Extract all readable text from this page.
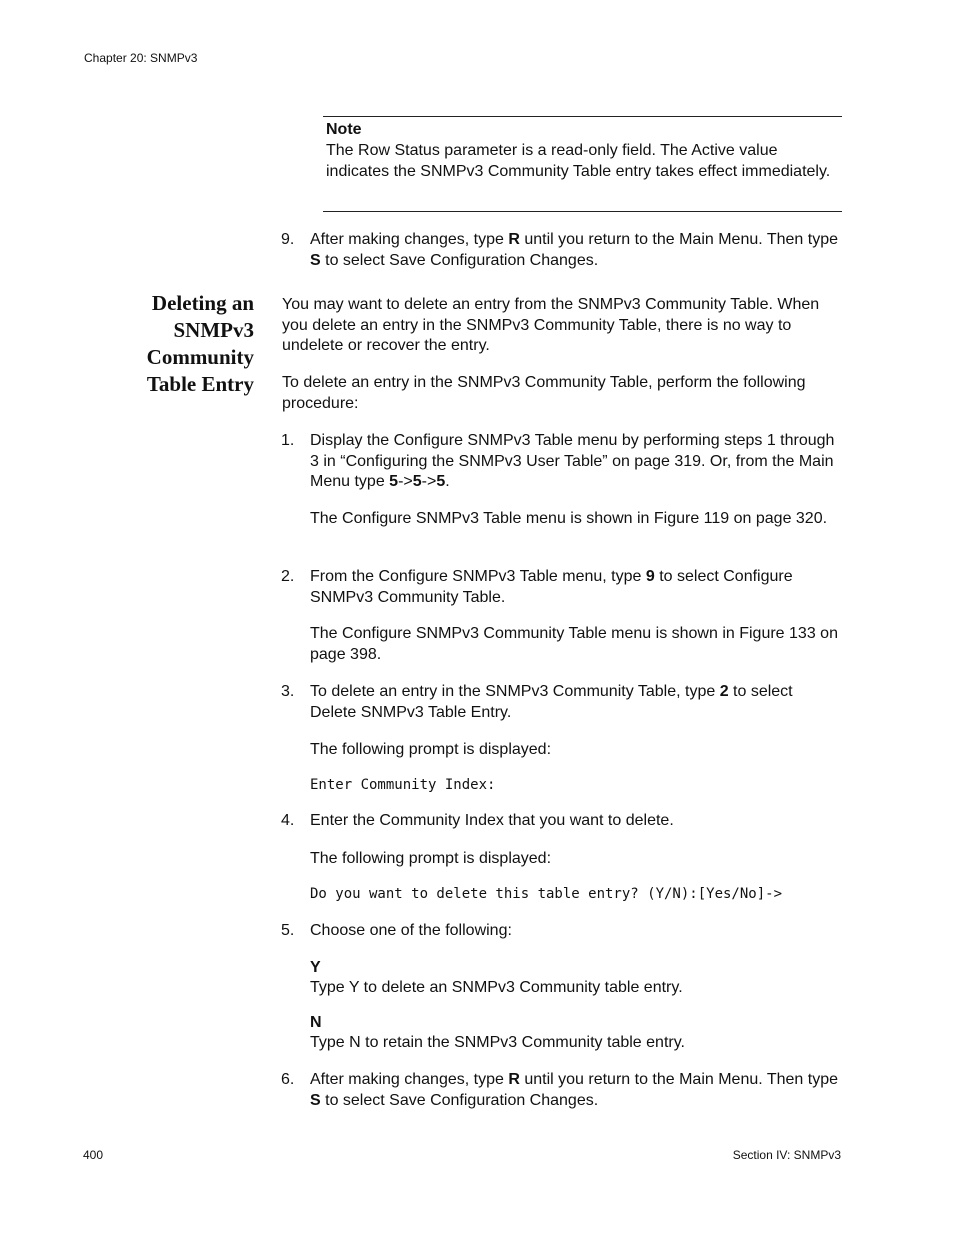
Chapter 20: SNMPv3
Note
The Row Status parameter is a read-only field. The Active value indicates the SNMPv3 Community Table entry takes effect immediately.
9. After making changes, type R until you return to the Main Menu. Then type S to select Save Configuration Changes.
Deleting an
SNMPv3
Community
Table Entry
You may want to delete an entry from the SNMPv3 Community Table. When you delete an entry in the SNMPv3 Community Table, there is no way to undelete or recover the entry.
To delete an entry in the SNMPv3 Community Table, perform the following procedure:
1. Display the Configure SNMPv3 Table menu by performing steps 1 through 3 in “Configuring the SNMPv3 User Table” on page 319. Or, from the Main Menu type 5->5->5.
The Configure SNMPv3 Table menu is shown in Figure 119 on page 320.
2. From the Configure SNMPv3 Table menu, type 9 to select Configure SNMPv3 Community Table.
The Configure SNMPv3 Community Table menu is shown in Figure 133 on page 398.
3. To delete an entry in the SNMPv3 Community Table, type 2 to select Delete SNMPv3 Table Entry.
The following prompt is displayed:
Enter Community Index:
4. Enter the Community Index that you want to delete.
The following prompt is displayed:
Do you want to delete this table entry? (Y/N):[Yes/No]->
5. Choose one of the following:
Y
Type Y to delete an SNMPv3 Community table entry.
N
Type N to retain the SNMPv3 Community table entry.
6. After making changes, type R until you return to the Main Menu. Then type S to select Save Configuration Changes.
400	Section IV: SNMPv3
